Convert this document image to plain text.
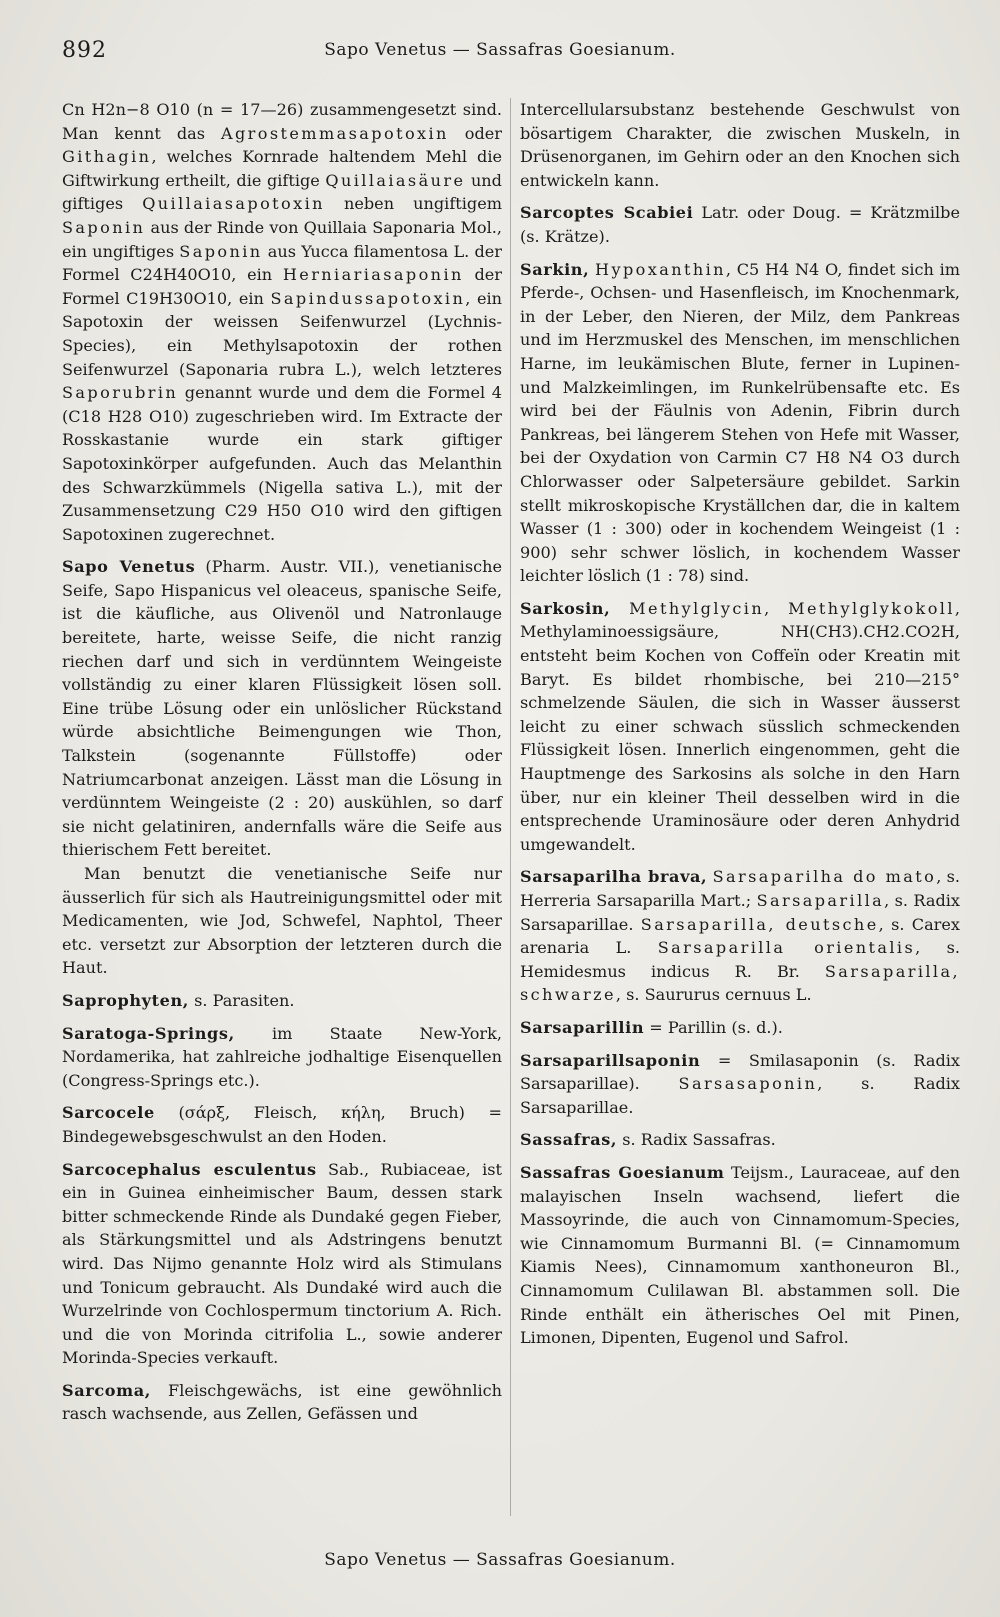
892	Sapo Venetus — Sassafras Goesianum.

Cn H2n−8 O10 (n = 17—26) zusammengesetzt sind. Man kennt das Agrostemmasapotoxin oder Githagin, welches Kornrade haltendem Mehl die Giftwirkung ertheilt, die giftige Quillaiasäure und giftiges Quillaiasapotoxin neben ungiftigem Saponin aus der Rinde von Quillaia Saponaria Mol., ein ungiftiges Saponin aus Yucca filamentosa L. der Formel C24H40O10, ein Herniariasaponin der Formel C19H30O10, ein Sapindussapotoxin, ein Sapotoxin der weissen Seifenwurzel (Lychnis-Species), ein Methylsapotoxin der rothen Seifenwurzel (Saponaria rubra L.), welch letzteres Saporubrin genannt wurde und dem die Formel 4 (C18 H28 O10) zugeschrieben wird. Im Extracte der Rosskastanie wurde ein stark giftiger Sapotoxinkörper aufgefunden. Auch das Melanthin des Schwarzkümmels (Nigella sativa L.), mit der Zusammensetzung C29 H50 O10 wird den giftigen Sapotoxinen zugerechnet.

Sapo Venetus (Pharm. Austr. VII.), venetianische Seife, Sapo Hispanicus vel oleaceus, spanische Seife, ist die käufliche, aus Olivenöl und Natronlauge bereitete, harte, weisse Seife, die nicht ranzig riechen darf und sich in verdünntem Weingeiste vollständig zu einer klaren Flüssigkeit lösen soll. Eine trübe Lösung oder ein unlöslicher Rückstand würde absichtliche Beimengungen wie Thon, Talkstein (sogenannte Füllstoffe) oder Natriumcarbonat anzeigen. Lässt man die Lösung in verdünntem Weingeiste (2 : 20) auskühlen, so darf sie nicht gelatiniren, andernfalls wäre die Seife aus thierischem Fett bereitet.

Man benutzt die venetianische Seife nur äusserlich für sich als Hautreinigungsmittel oder mit Medicamenten, wie Jod, Schwefel, Naphtol, Theer etc. versetzt zur Absorption der letzteren durch die Haut.

Saprophyten, s. Parasiten.

Saratoga-Springs, im Staate New-York, Nordamerika, hat zahlreiche jodhaltige Eisenquellen (Congress-Springs etc.).

Sarcocele (σάρξ, Fleisch, κήλη, Bruch) = Bindegewebsgeschwulst an den Hoden.

Sarcocephalus esculentus Sab., Rubiaceae, ist ein in Guinea einheimischer Baum, dessen stark bitter schmeckende Rinde als Dundaké gegen Fieber, als Stärkungsmittel und als Adstringens benutzt wird. Das Nijmo genannte Holz wird als Stimulans und Tonicum gebraucht. Als Dundaké wird auch die Wurzelrinde von Cochlospermum tinctorium A. Rich. und die von Morinda citrifolia L., sowie anderer Morinda-Species verkauft.

Sarcoma, Fleischgewächs, ist eine gewöhnlich rasch wachsende, aus Zellen, Gefässen und

Intercellularsubstanz bestehende Geschwulst von bösartigem Charakter, die zwischen Muskeln, in Drüsenorganen, im Gehirn oder an den Knochen sich entwickeln kann.

Sarcoptes Scabiei Latr. oder Doug. = Krätzmilbe (s. Krätze).

Sarkin, Hypoxanthin, C5 H4 N4 O, findet sich im Pferde-, Ochsen- und Hasenfleisch, im Knochenmark, in der Leber, den Nieren, der Milz, dem Pankreas und im Herzmuskel des Menschen, im menschlichen Harne, im leukämischen Blute, ferner in Lupinen- und Malzkeimlingen, im Runkelrübensafte etc. Es wird bei der Fäulnis von Adenin, Fibrin durch Pankreas, bei längerem Stehen von Hefe mit Wasser, bei der Oxydation von Carmin C7 H8 N4 O3 durch Chlorwasser oder Salpetersäure gebildet. Sarkin stellt mikroskopische Kryställchen dar, die in kaltem Wasser (1 : 300) oder in kochendem Weingeist (1 : 900) sehr schwer löslich, in kochendem Wasser leichter löslich (1 : 78) sind.

Sarkosin, Methylglycin, Methylglykokoll, Methylaminoessigsäure, NH(CH3).CH2.CO2H, entsteht beim Kochen von Coffeïn oder Kreatin mit Baryt. Es bildet rhombische, bei 210—215° schmelzende Säulen, die sich in Wasser äusserst leicht zu einer schwach süsslich schmeckenden Flüssigkeit lösen. Innerlich eingenommen, geht die Hauptmenge des Sarkosins als solche in den Harn über, nur ein kleiner Theil desselben wird in die entsprechende Uraminosäure oder deren Anhydrid umgewandelt.

Sarsaparilha brava, Sarsaparilha do mato, s. Herreria Sarsaparilla Mart.; Sarsaparilla, s. Radix Sarsaparillae. Sarsaparilla, deutsche, s. Carex arenaria L. Sarsaparilla orientalis, s. Hemidesmus indicus R. Br. Sarsaparilla, schwarze, s. Saururus cernuus L.

Sarsaparillin = Parillin (s. d.).

Sarsaparillsaponin = Smilasaponin (s. Radix Sarsaparillae). Sarsasaponin, s. Radix Sarsaparillae.

Sassafras, s. Radix Sassafras.

Sassafras Goesianum Teijsm., Lauraceae, auf den malayischen Inseln wachsend, liefert die Massoyrinde, die auch von Cinnamomum-Species, wie Cinnamomum Burmanni Bl. (= Cinnamomum Kiamis Nees), Cinnamomum xanthoneuron Bl., Cinnamomum Culilawan Bl. abstammen soll. Die Rinde enthält ein ätherisches Oel mit Pinen, Limonen, Dipenten, Eugenol und Safrol.

Sapo Venetus — Sassafras Goesianum.
